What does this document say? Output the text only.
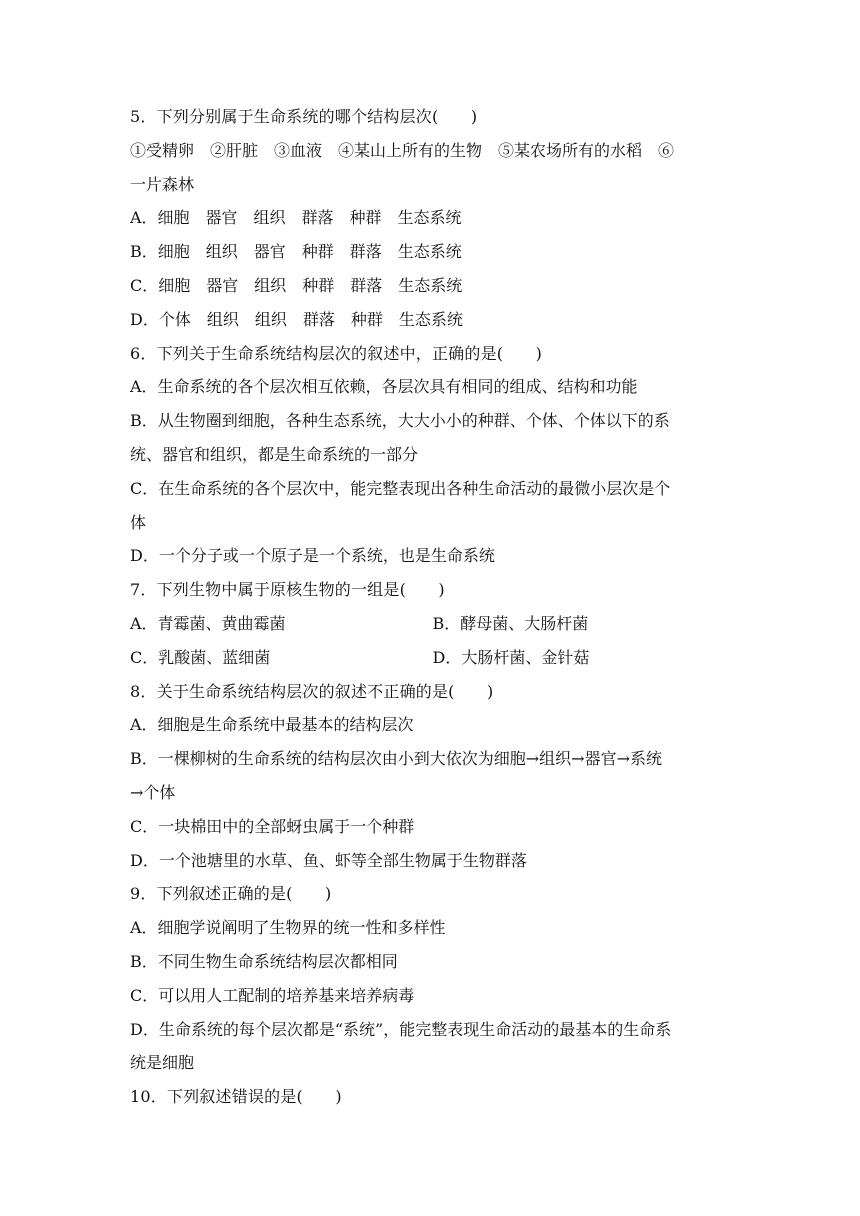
5．下列分别属于生命系统的哪个结构层次(　　)
①受精卵　②肝脏　③血液　④某山上所有的生物　⑤某农场所有的水稻　⑥
一片森林
A．细胞　器官　组织　群落　种群　生态系统
B．细胞　组织　器官　种群　群落　生态系统
C．细胞　器官　组织　种群　群落　生态系统
D．个体　组织　组织　群落　种群　生态系统
6．下列关于生命系统结构层次的叙述中，正确的是(　　)
A．生命系统的各个层次相互依赖，各层次具有相同的组成、结构和功能
B．从生物圈到细胞，各种生态系统，大大小小的种群、个体、个体以下的系
统、器官和组织，都是生命系统的一部分
C．在生命系统的各个层次中，能完整表现出各种生命活动的最微小层次是个
体
D．一个分子或一个原子是一个系统，也是生命系统
7．下列生物中属于原核生物的一组是(　　)
A．青霉菌、黄曲霉菌	B．酵母菌、大肠杆菌
C．乳酸菌、蓝细菌	D．大肠杆菌、金针菇
8．关于生命系统结构层次的叙述不正确的是(　　)
A．细胞是生命系统中最基本的结构层次
B．一棵柳树的生命系统的结构层次由小到大依次为细胞→组织→器官→系统
→个体
C．一块棉田中的全部蚜虫属于一个种群
D．一个池塘里的水草、鱼、虾等全部生物属于生物群落
9．下列叙述正确的是(　　)
A．细胞学说阐明了生物界的统一性和多样性
B．不同生物生命系统结构层次都相同
C．可以用人工配制的培养基来培养病毒
D．生命系统的每个层次都是“系统”，能完整表现生命活动的最基本的生命系
统是细胞
10．下列叙述错误的是(　　)
